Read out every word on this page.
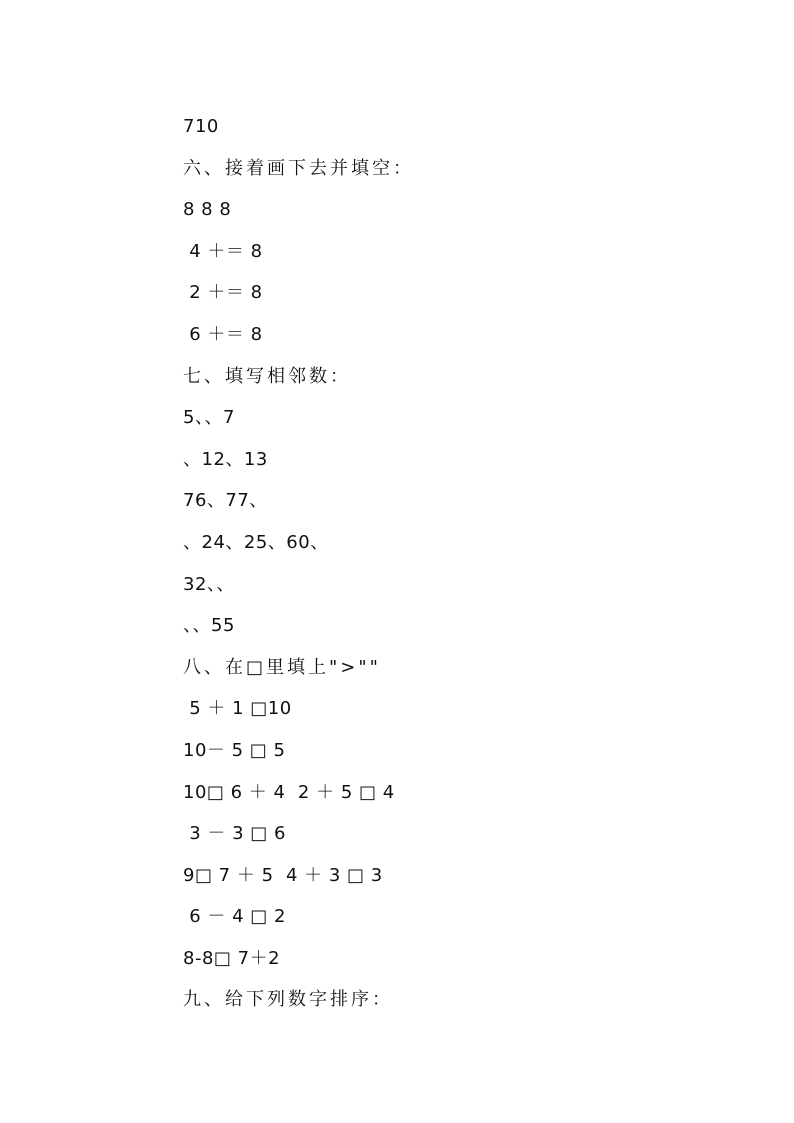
710
六、接着画下去并填空：
8 8 8
4 ＋＝ 8
2 ＋＝ 8
6 ＋＝ 8
七、填写相邻数：
5、、7
、12、13
76、77、
、24、25、60、
32、、
、、55
八、在□里填上">""
5 ＋ 1 □10
10－ 5 □ 5
10□ 6 ＋ 4  2 ＋ 5 □ 4
3 － 3 □ 6
9□ 7 ＋ 5  4 ＋ 3 □ 3
6 － 4 □ 2
8-8□ 7＋2
九、给下列数字排序：
